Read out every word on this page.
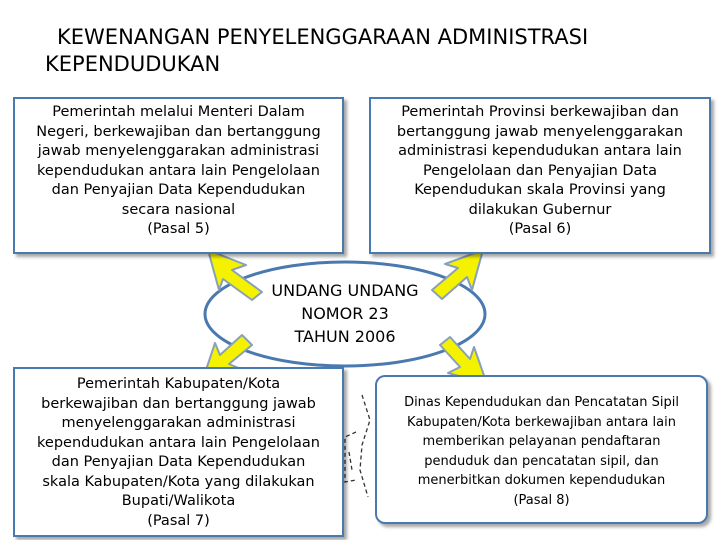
KEWENANGAN PENYELENGGARAAN ADMINISTRASI
KEPENDUDUKAN
Pemerintah melalui Menteri Dalam
Negeri, berkewajiban dan bertanggung
jawab menyelenggarakan administrasi
kependudukan antara lain Pengelolaan
dan Penyajian Data Kependudukan
secara nasional
(Pasal 5)
Pemerintah Provinsi berkewajiban dan
bertanggung jawab menyelenggarakan
administrasi kependudukan antara lain
Pengelolaan dan Penyajian Data
Kependudukan skala Provinsi yang
dilakukan Gubernur
(Pasal 6)
UNDANG UNDANG
NOMOR 23
TAHUN 2006
Pemerintah Kabupaten/Kota
berkewajiban dan bertanggung jawab
menyelenggarakan administrasi
kependudukan antara lain Pengelolaan
dan Penyajian Data Kependudukan
skala Kabupaten/Kota yang dilakukan
Bupati/Walikota
(Pasal 7)
Dinas Kependudukan dan Pencatatan Sipil
Kabupaten/Kota berkewajiban antara lain
memberikan pelayanan pendaftaran
penduduk dan pencatatan sipil, dan
menerbitkan dokumen kependudukan
(Pasal 8)
